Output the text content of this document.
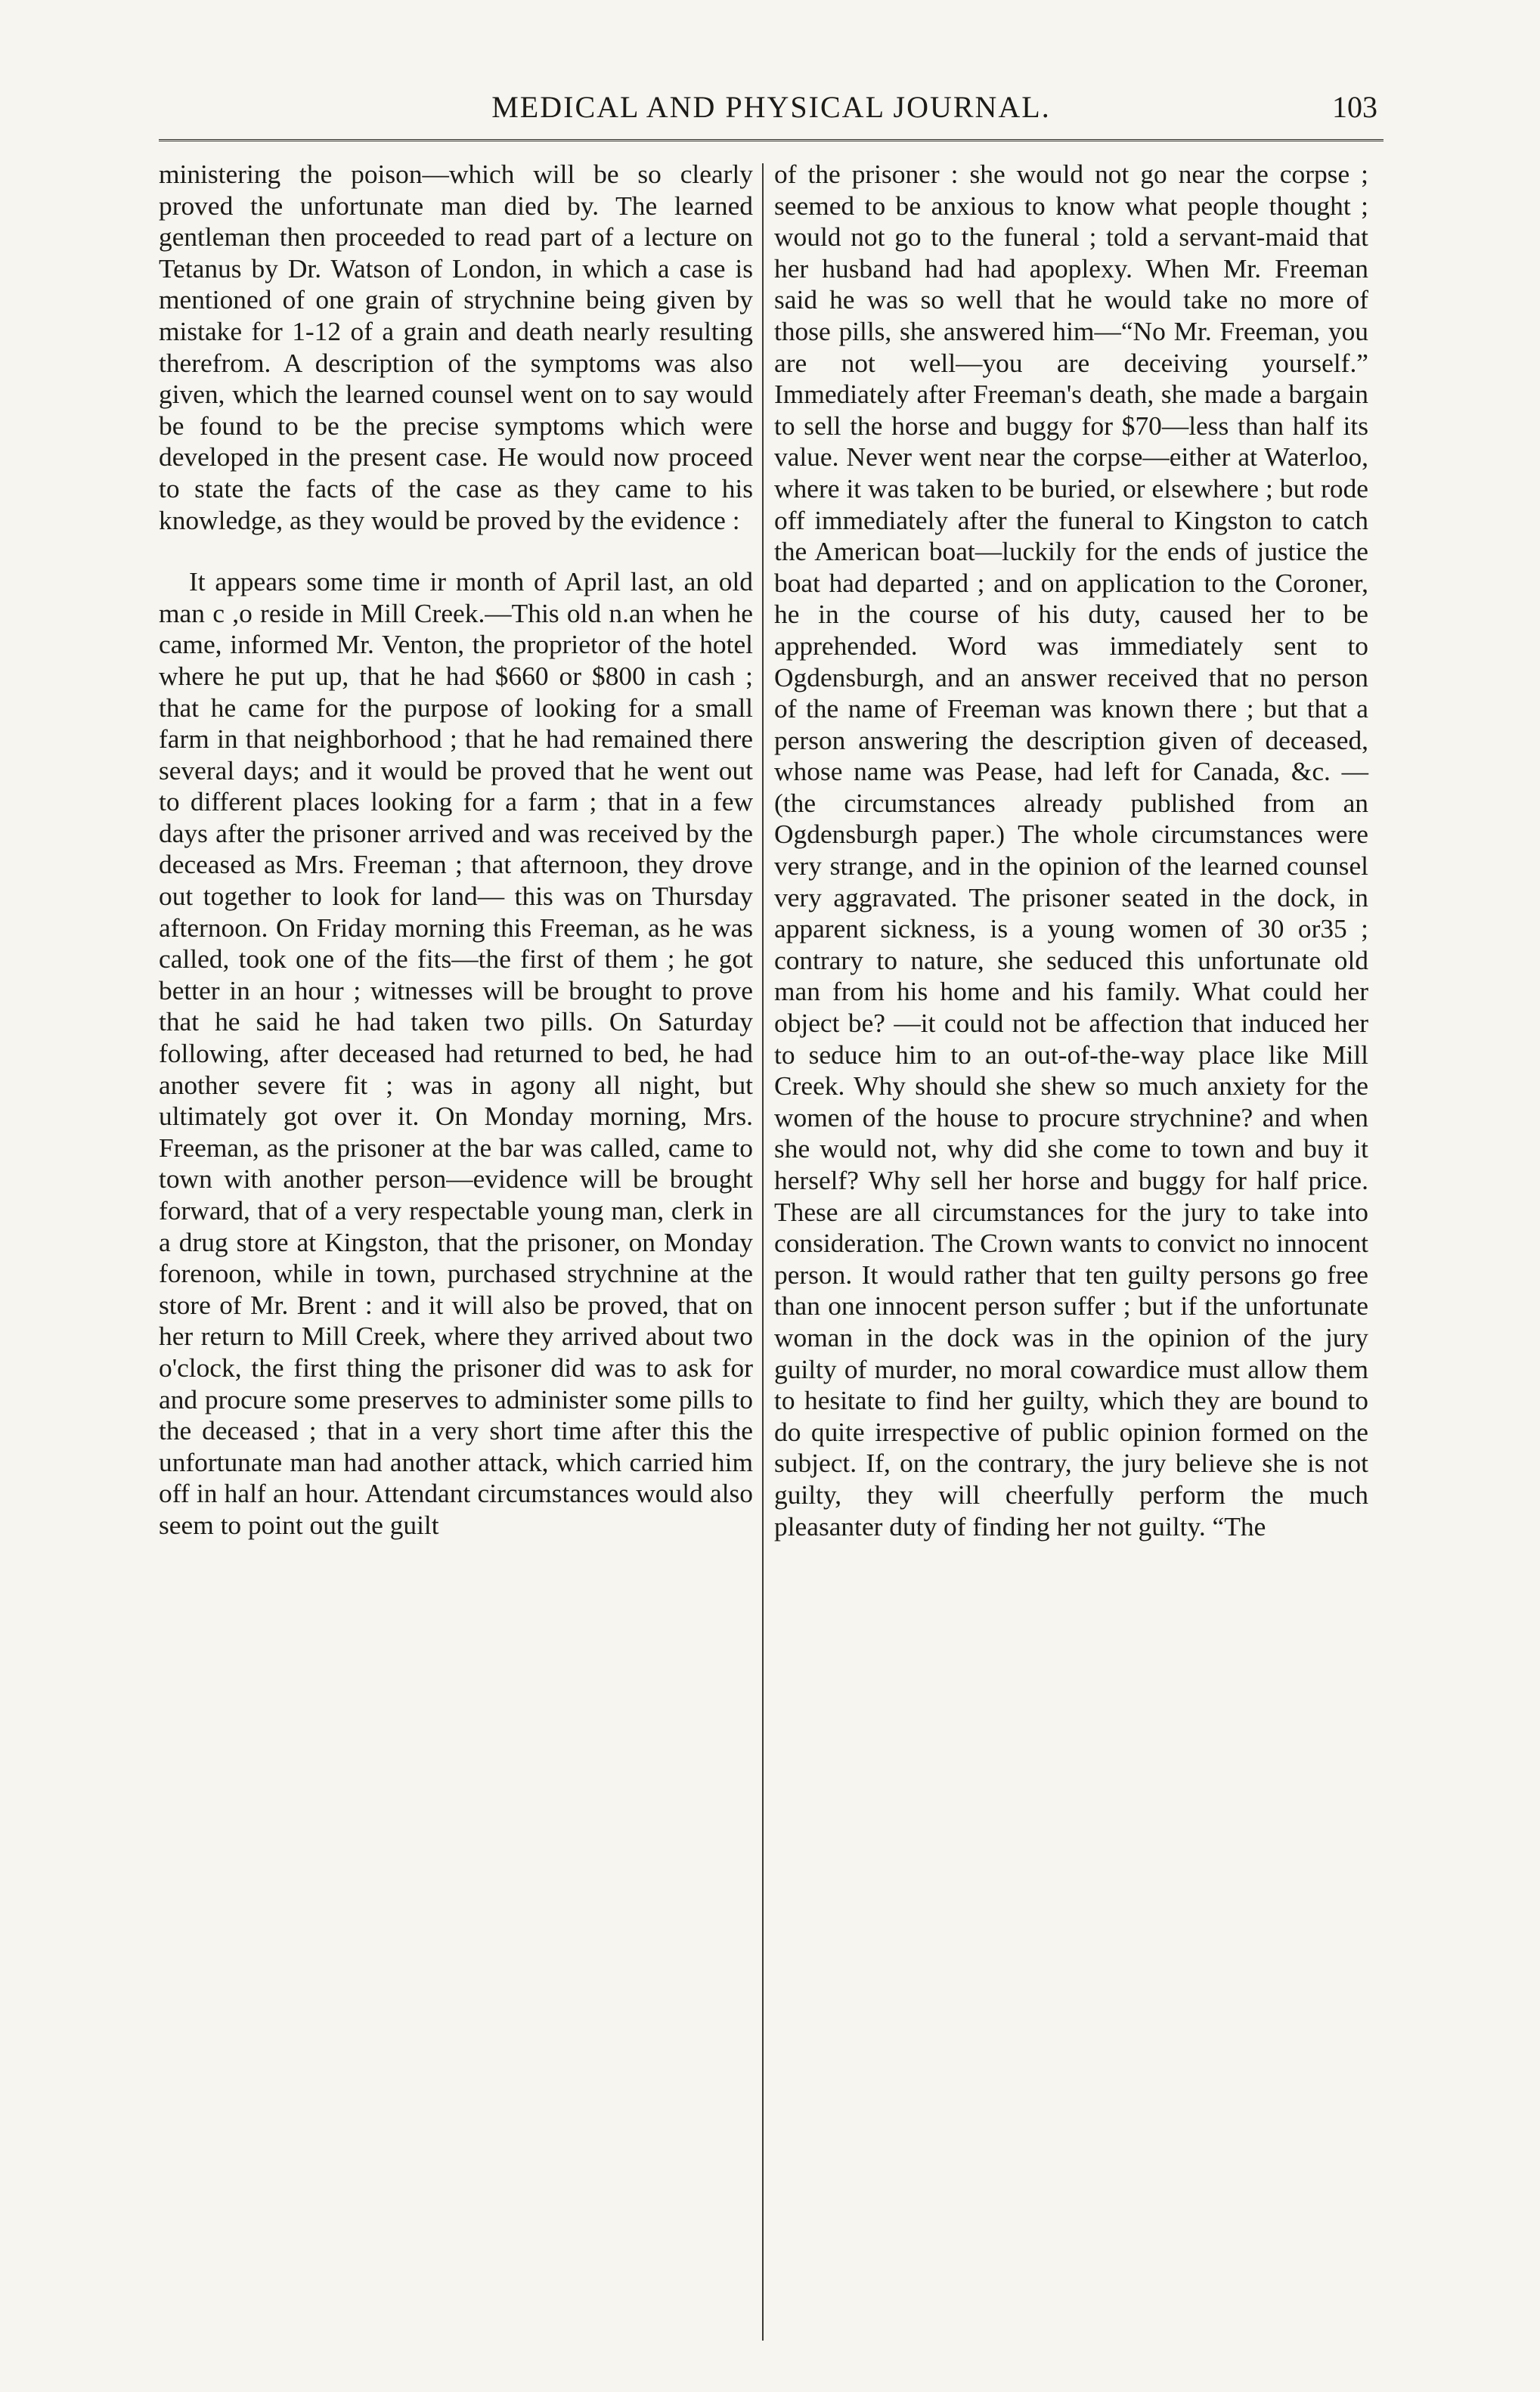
MEDICAL AND PHYSICAL JOURNAL.	103

ministering the poison—which will be so clearly proved the unfortunate man died by. The learned gentleman then proceeded to read part of a lecture on Tetanus by Dr. Watson of London, in which a case is mentioned of one grain of strychnine being given by mistake for 1-12 of a grain and death nearly resulting therefrom. A description of the symptoms was also given, which the learned counsel went on to say would be found to be the precise symptoms which were developed in the present case. He would now proceed to state the facts of the case as they came to his knowledge, as they would be proved by the evidence :

It appears some time ir month of April last, an old man c ,o reside in Mill Creek.—This old n.an when he came, informed Mr. Venton, the proprietor of the hotel where he put up, that he had $660 or $800 in cash ; that he came for the purpose of looking for a small farm in that neighborhood ; that he had remained there several days; and it would be proved that he went out to different places looking for a farm ; that in a few days after the prisoner arrived and was received by the deceased as Mrs. Freeman ; that afternoon, they drove out together to look for land— this was on Thursday afternoon. On Friday morning this Freeman, as he was called, took one of the fits—the first of them ; he got better in an hour ; witnesses will be brought to prove that he said he had taken two pills. On Saturday following, after deceased had returned to bed, he had another severe fit ; was in agony all night, but ultimately got over it. On Monday morning, Mrs. Freeman, as the prisoner at the bar was called, came to town with another person—evidence will be brought forward, that of a very respectable young man, clerk in a drug store at Kingston, that the prisoner, on Monday forenoon, while in town, purchased strychnine at the store of Mr. Brent : and it will also be proved, that on her return to Mill Creek, where they arrived about two o'clock, the first thing the prisoner did was to ask for and procure some preserves to administer some pills to the deceased ; that in a very short time after this the unfortunate man had another attack, which carried him off in half an hour. Attendant circumstances would also seem to point out the guilt

of the prisoner : she would not go near the corpse ; seemed to be anxious to know what people thought ; would not go to the funeral ; told a servant-maid that her husband had had apoplexy. When Mr. Freeman said he was so well that he would take no more of those pills, she answered him—“No Mr. Freeman, you are not well—you are deceiving yourself.” Immediately after Freeman's death, she made a bargain to sell the horse and buggy for $70—less than half its value. Never went near the corpse—either at Waterloo, where it was taken to be buried, or elsewhere ; but rode off immediately after the funeral to Kingston to catch the American boat—luckily for the ends of justice the boat had departed ; and on application to the Coroner, he in the course of his duty, caused her to be apprehended. Word was immediately sent to Ogdensburgh, and an answer received that no person of the name of Freeman was known there ; but that a person answering the description given of deceased, whose name was Pease, had left for Canada, &c. — (the circumstances already published from an Ogdensburgh paper.) The whole circumstances were very strange, and in the opinion of the learned counsel very aggravated. The prisoner seated in the dock, in apparent sickness, is a young women of 30 or35 ; contrary to nature, she seduced this unfortunate old man from his home and his family. What could her object be? —it could not be affection that induced her to seduce him to an out-of-the-way place like Mill Creek. Why should she shew so much anxiety for the women of the house to procure strychnine? and when she would not, why did she come to town and buy it herself? Why sell her horse and buggy for half price. These are all circumstances for the jury to take into consideration. The Crown wants to convict no innocent person. It would rather that ten guilty persons go free than one innocent person suffer ; but if the unfortunate woman in the dock was in the opinion of the jury guilty of murder, no moral cowardice must allow them to hesitate to find her guilty, which they are bound to do quite irrespective of public opinion formed on the subject. If, on the contrary, the jury believe she is not guilty, they will cheerfully perform the much pleasanter duty of finding her not guilty. “The
